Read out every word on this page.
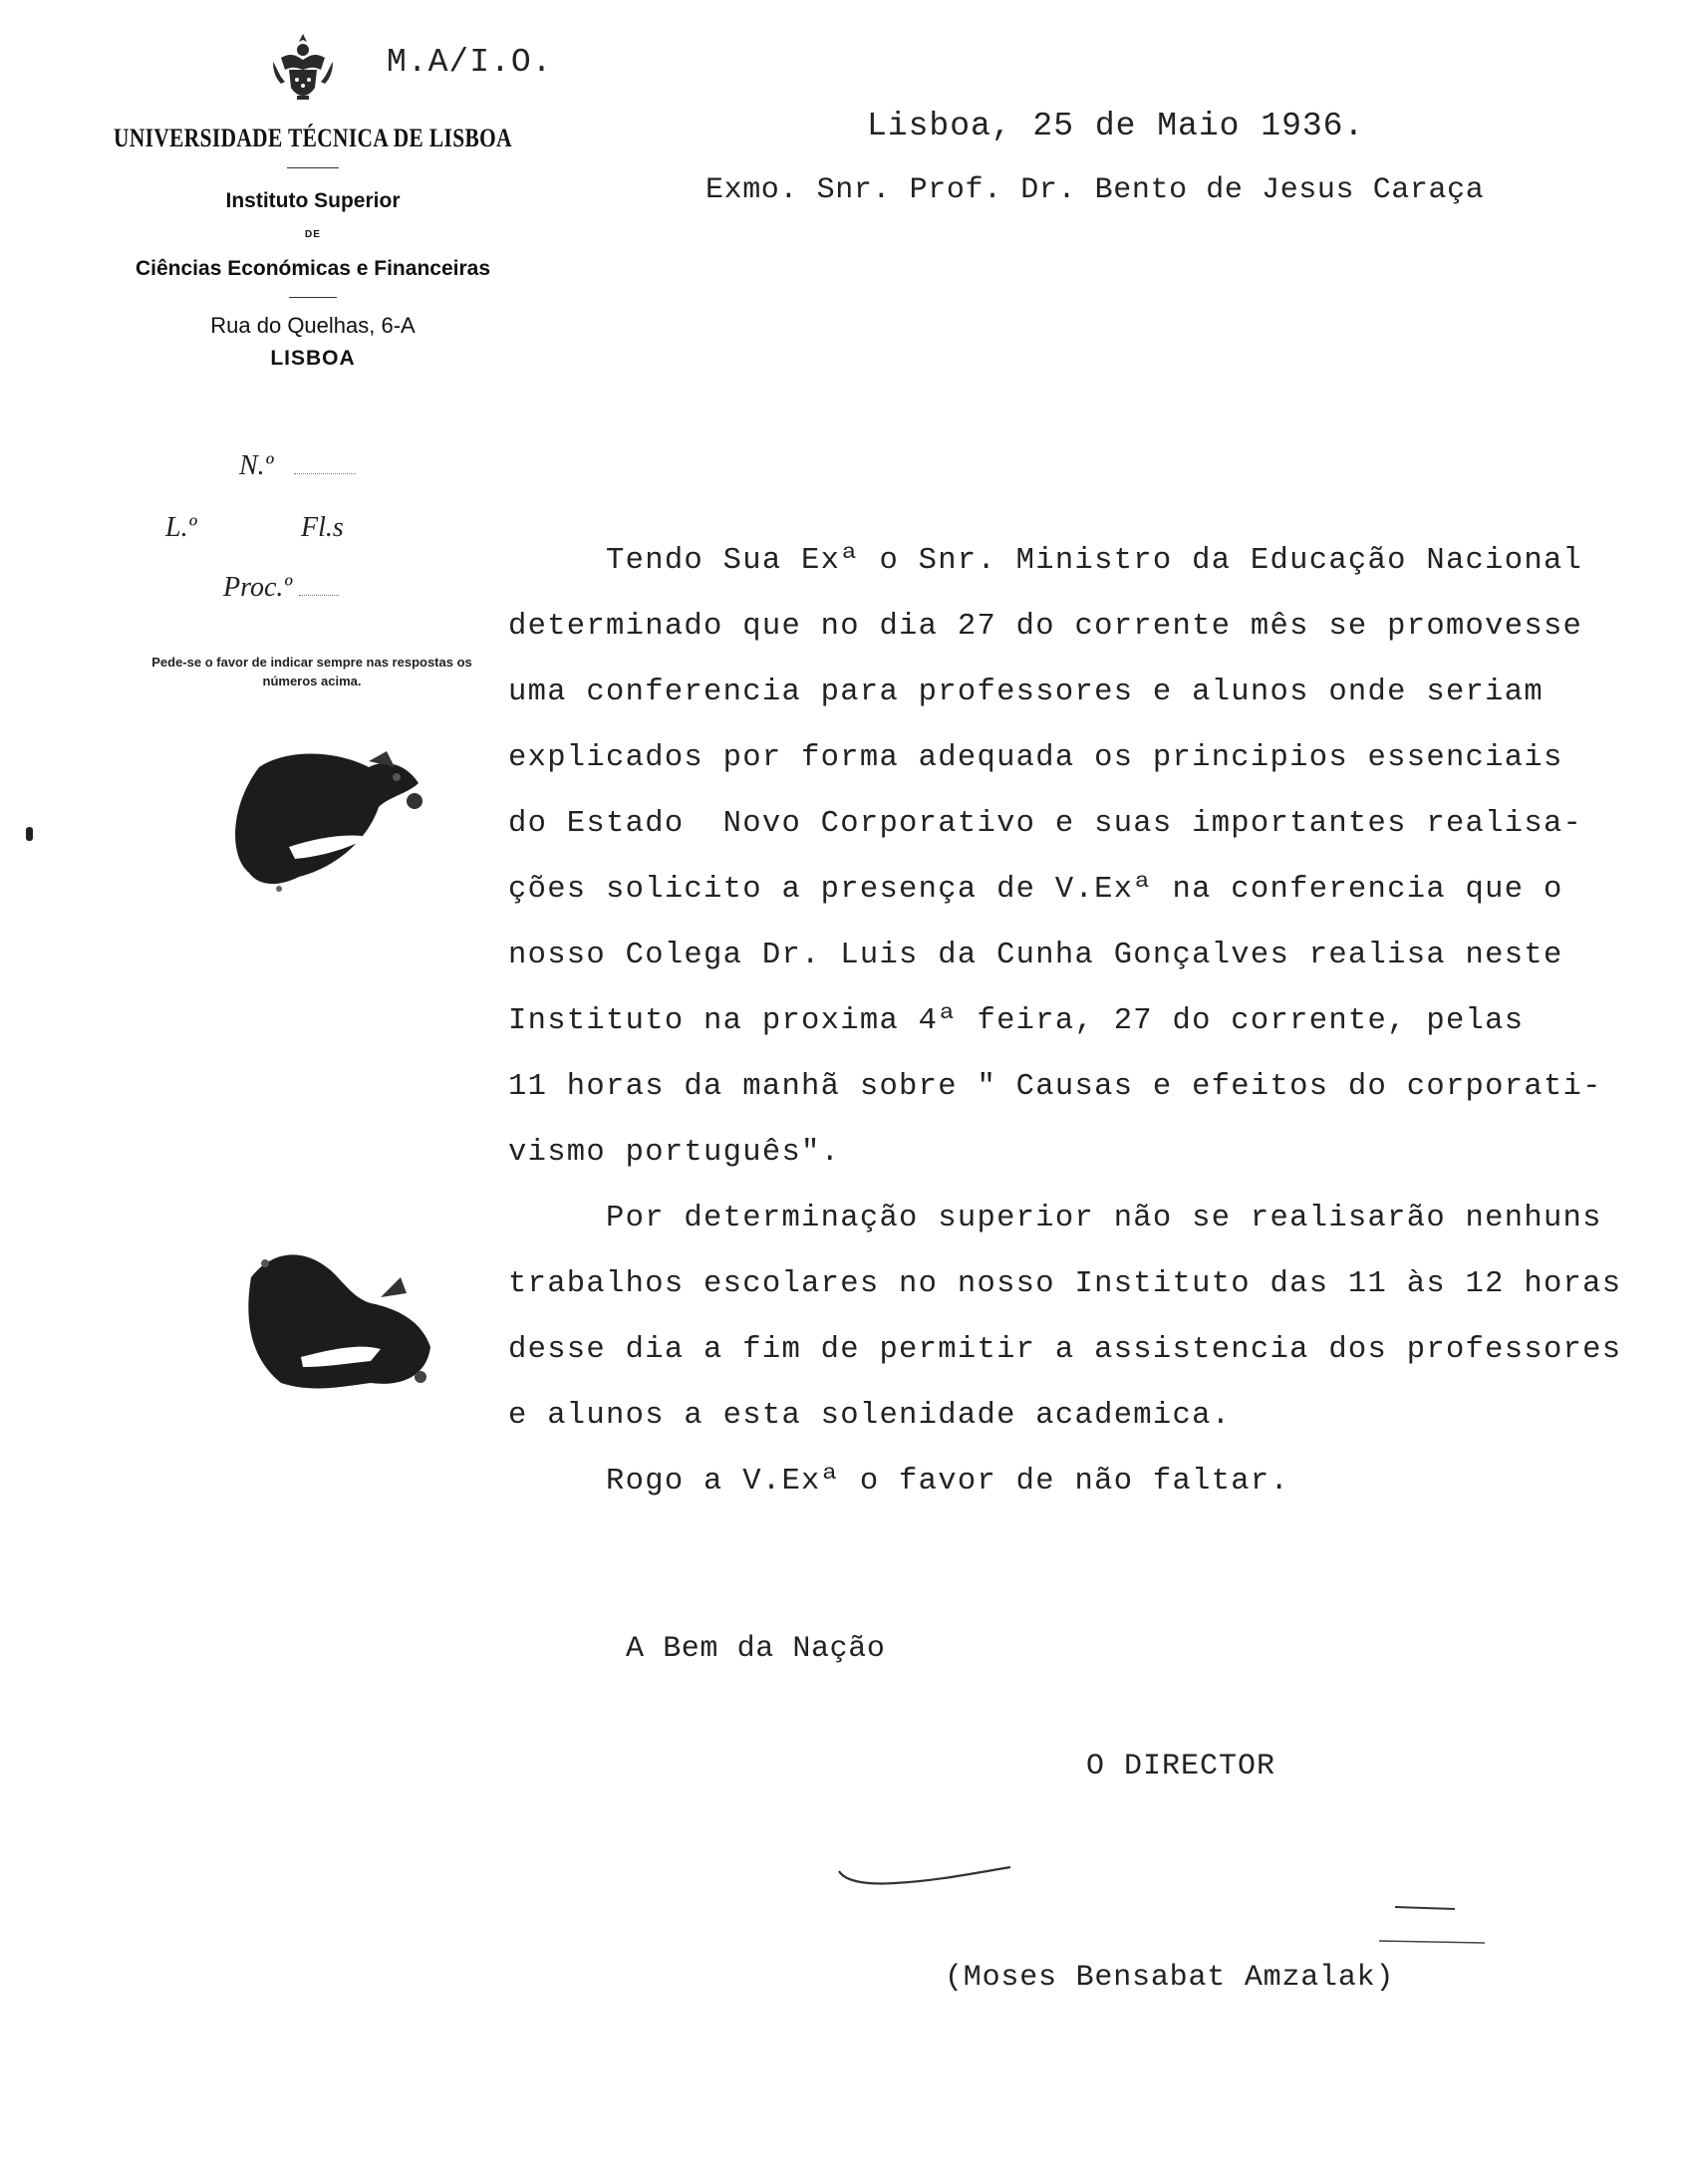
M.A/I.O.
UNIVERSIDADE TÉCNICA DE LISBOA
Instituto Superior
DE
Ciências Económicas e Financeiras
Rua do Quelhas, 6-A
LISBOA
N.º
L.º	Fl.s
Proc.º
Pede-se o favor de indicar sempre nas respostas os números acima.
Lisboa, 25 de Maio 1936.
Exmo. Snr. Prof. Dr. Bento de Jesus Caraça
Tendo Sua Exª o Snr. Ministro da Educação Nacional
determinado que no dia 27 do corrente mês se promovesse
uma conferencia para professores e alunos onde seriam
explicados por forma adequada os principios essenciais
do Estado  Novo Corporativo e suas importantes realisa-
ções solicito a presença de V.Exª na conferencia que o
nosso Colega Dr. Luis da Cunha Gonçalves realisa neste
Instituto na proxima 4ª feira, 27 do corrente, pelas
11 horas da manhã sobre " Causas e efeitos do corporati-
vismo português".
Por determinação superior não se realisarão nenhuns
trabalhos escolares no nosso Instituto das 11 às 12 horas
desse dia a fim de permitir a assistencia dos professores
e alunos a esta solenidade academica.
Rogo a V.Exª o favor de não faltar.
A Bem da Nação
O DIRECTOR
(Moses Bensabat Amzalak)
